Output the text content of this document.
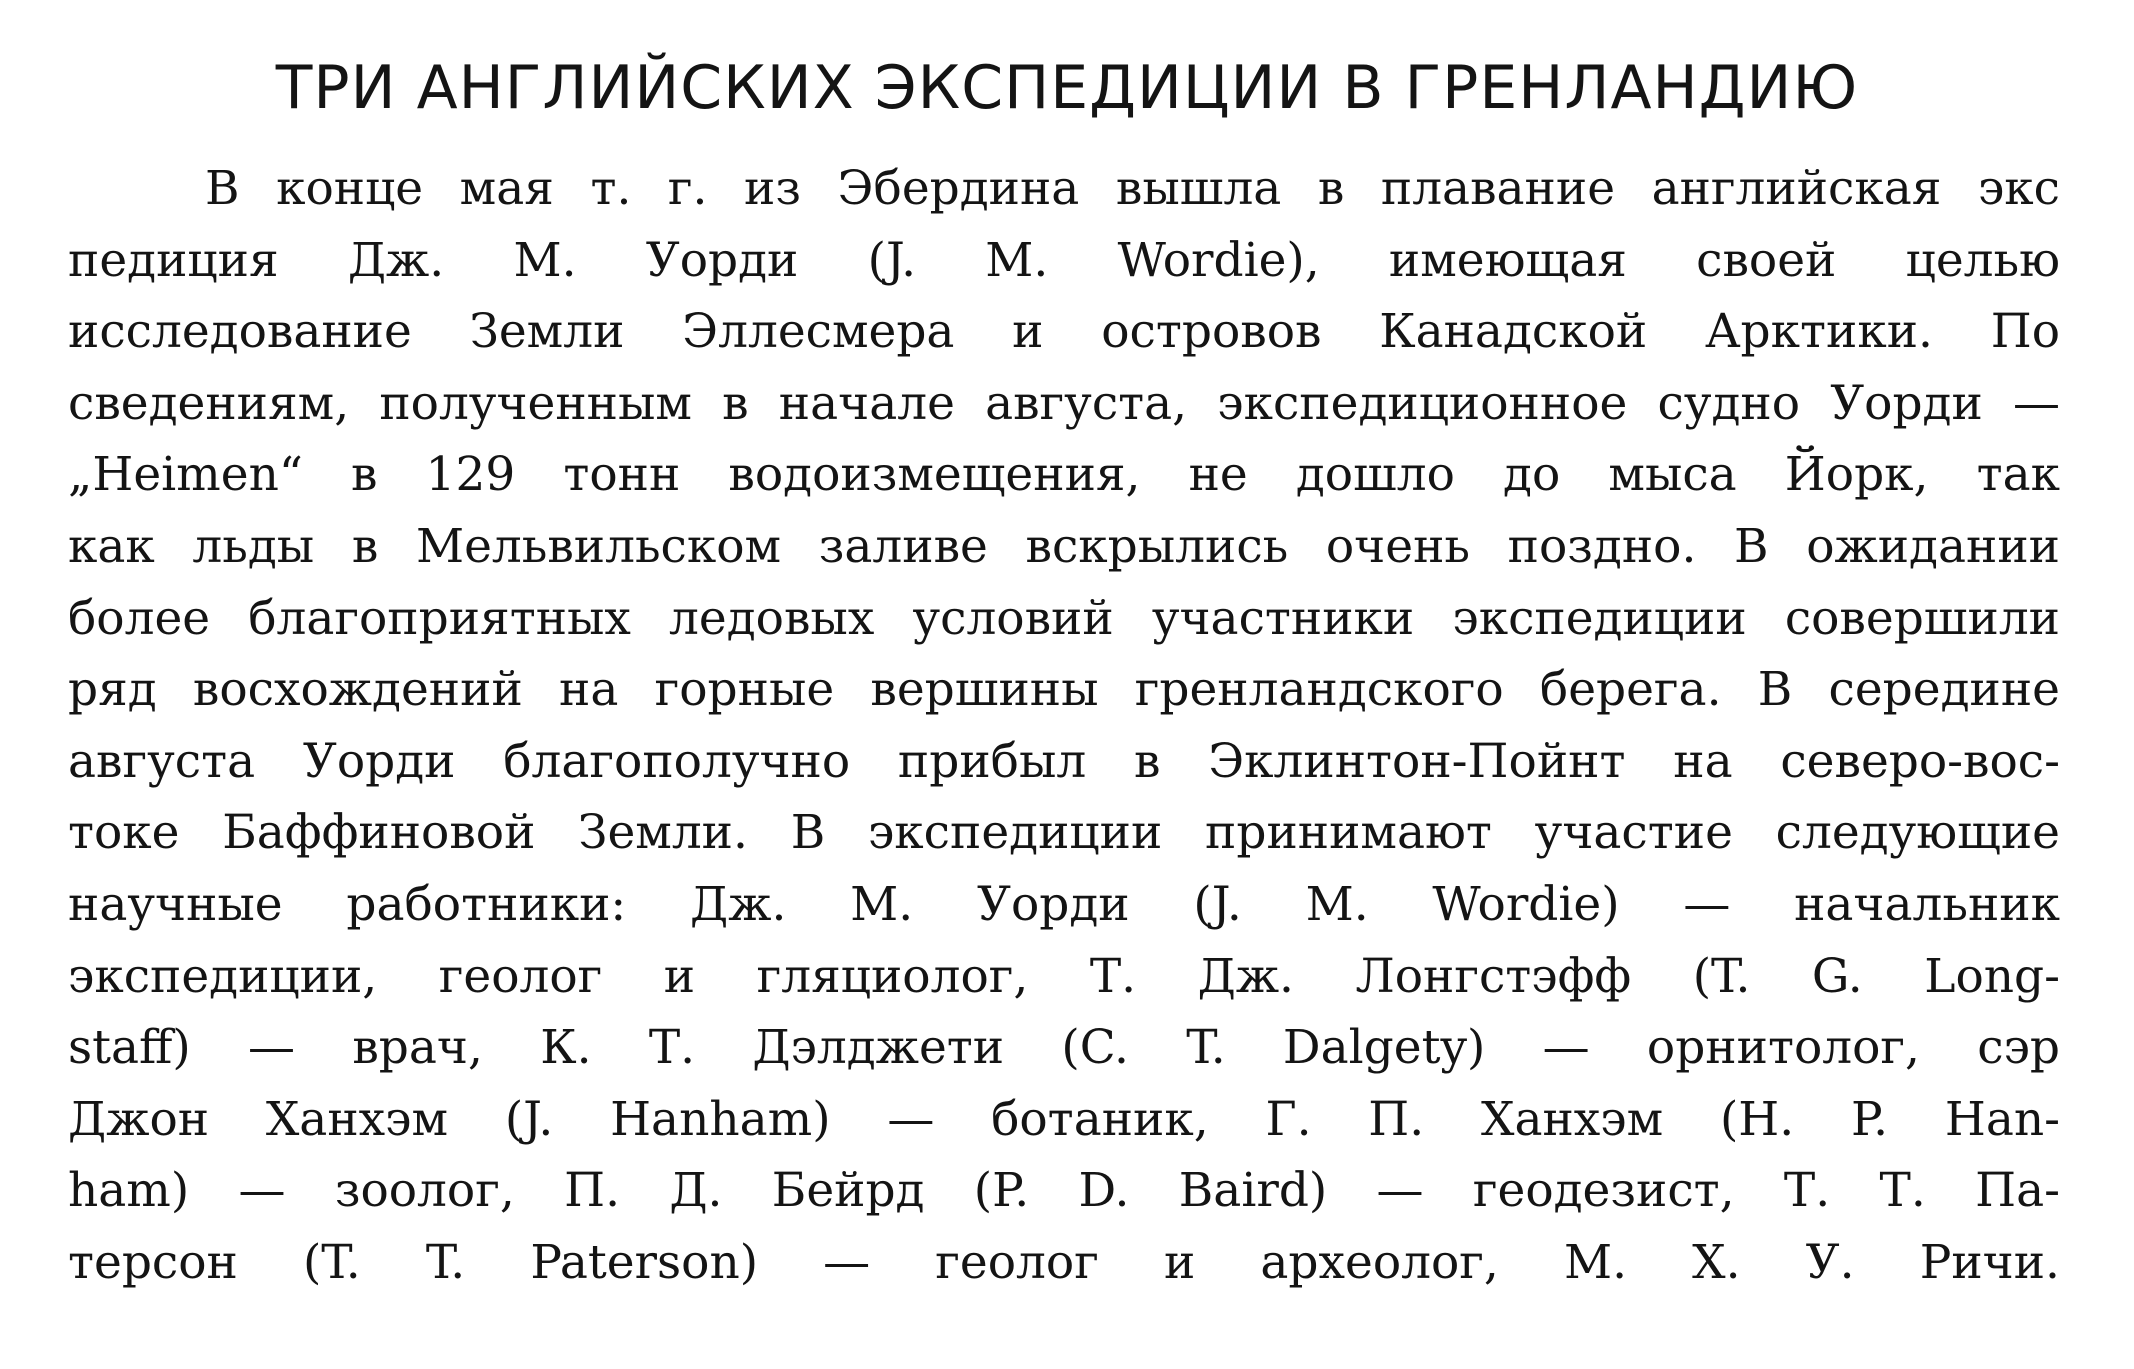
ТРИ АНГЛИЙСКИХ ЭКСПЕДИЦИИ В ГРЕНЛАНДИЮ
В конце мая т. г. из Эбердина вышла в плавание английская экс
педиция Дж. М. Уорди (J. M. Wordie), имеющая своей целью
исследование Земли Эллесмера и островов Канадской Арктики. По
сведениям, полученным в начале августа, экспедиционное судно Уорди —
„Heimen“ в 129 тонн водоизмещения, не дошло до мыса Йорк, так
как льды в Мельвильском заливе вскрылись очень поздно. В ожидании
более благоприятных ледовых условий участники экспедиции совершили
ряд восхождений на горные вершины гренландского берега. В середине
августа Уорди благополучно прибыл в Эклинтон-Пойнт на северо-вос-
токе Баффиновой Земли. В экспедиции принимают участие следующие
научные работники: Дж. М. Уорди (J. M. Wordie) — начальник
экспедиции, геолог и гляциолог, Т. Дж. Лонгстэфф (T. G. Long-
staff) — врач, К. Т. Дэлджети (C. T. Dalgety) — орнитолог, сэр
Джон Ханхэм (J. Hanham) — ботаник, Г. П. Ханхэм (H. P. Han-
ham) — зоолог, П. Д. Бейрд (P. D. Baird) — геодезист, Т. Т. Па-
терсон (T. T. Paterson) — геолог и археолог, М. Х. У. Ричи.
